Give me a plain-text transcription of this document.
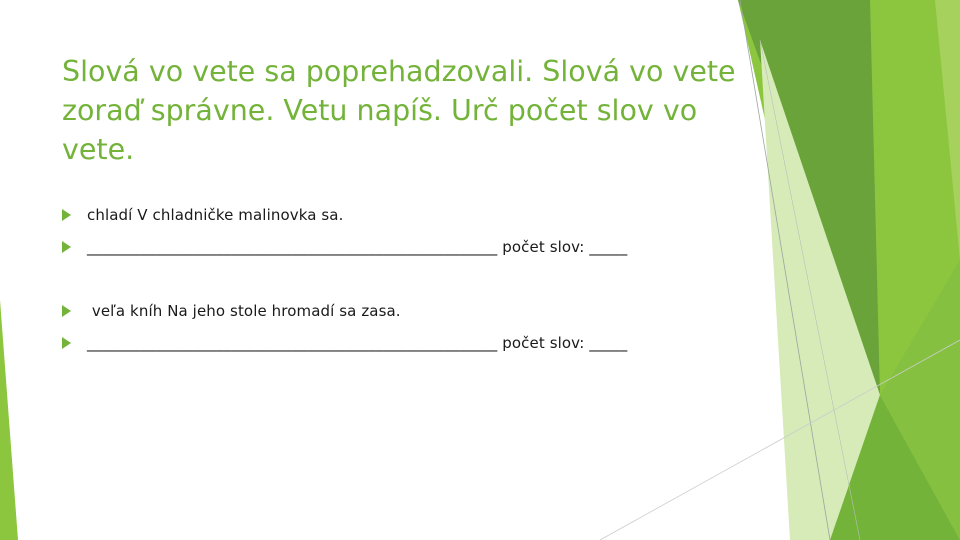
Slová vo vete sa poprehadzovali. Slová vo vete zoraď správne. Vetu napíš. Urč počet slov vo vete.
chladí V chladničke malinovka sa.
______________________________________________________ počet slov: _____
veľa kníh Na jeho stole hromadí sa zasa.
______________________________________________________ počet slov: _____
